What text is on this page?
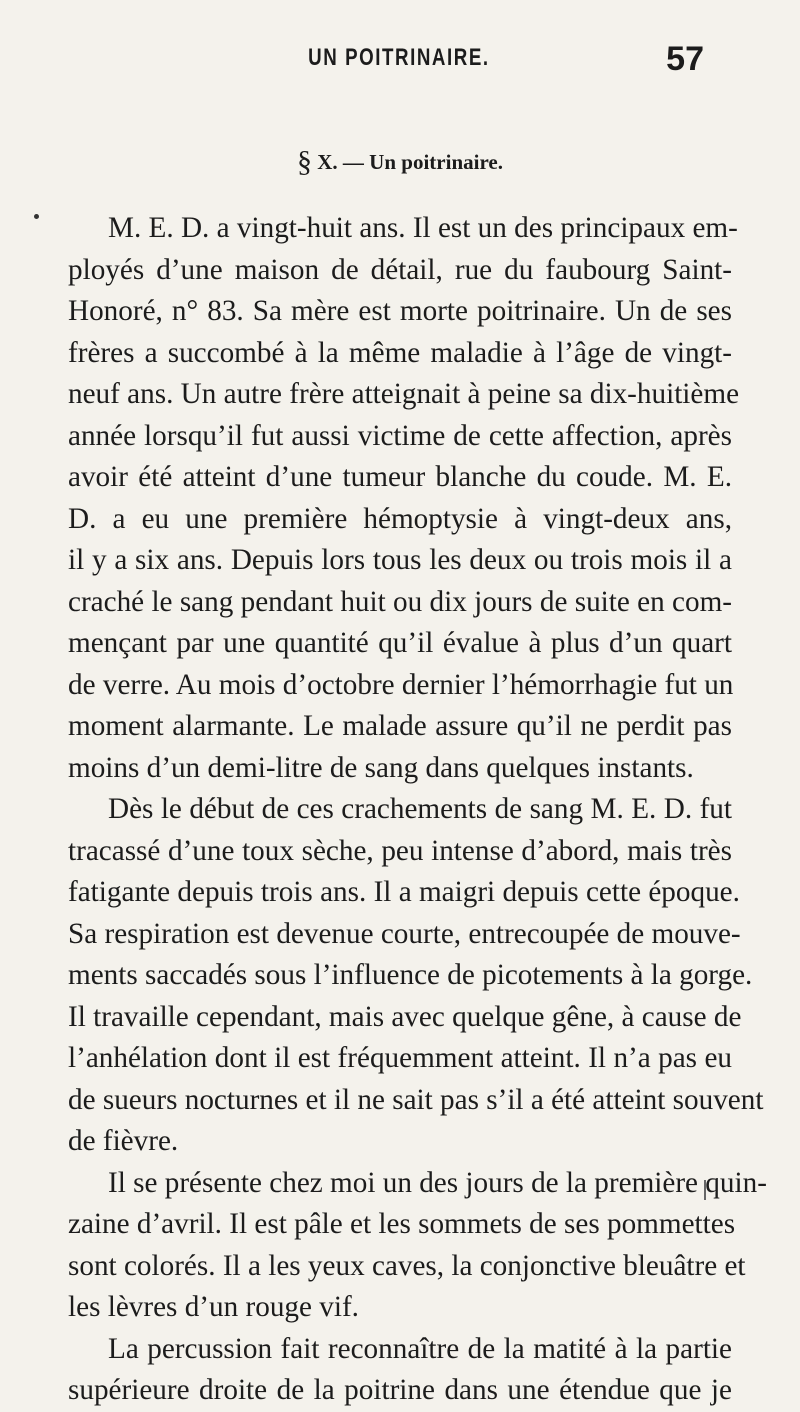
UN POITRINAIRE.	57
§ X. — Un poitrinaire.
M. E. D. a vingt-huit ans. Il est un des principaux em-
ployés d’une maison de détail, rue du faubourg Saint-
Honoré, n° 83. Sa mère est morte poitrinaire. Un de ses
frères a succombé à la même maladie à l’âge de vingt-
neuf ans. Un autre frère atteignait à peine sa dix-huitième
année lorsqu’il fut aussi victime de cette affection, après
avoir été atteint d’une tumeur blanche du coude. M. E.
D. a eu une première hémoptysie à vingt-deux ans,
il y a six ans. Depuis lors tous les deux ou trois mois il a
craché le sang pendant huit ou dix jours de suite en com-
mençant par une quantité qu’il évalue à plus d’un quart
de verre. Au mois d’octobre dernier l’hémorrhagie fut un
moment alarmante. Le malade assure qu’il ne perdit pas
moins d’un demi-litre de sang dans quelques instants.
Dès le début de ces crachements de sang M. E. D. fut
tracassé d’une toux sèche, peu intense d’abord, mais très
fatigante depuis trois ans. Il a maigri depuis cette époque.
Sa respiration est devenue courte, entrecoupée de mouve-
ments saccadés sous l’influence de picotements à la gorge.
Il travaille cependant, mais avec quelque gêne, à cause de
l’anhélation dont il est fréquemment atteint. Il n’a pas eu
de sueurs nocturnes et il ne sait pas s’il a été atteint souvent
de fièvre.
Il se présente chez moi un des jours de la première quin-
zaine d’avril. Il est pâle et les sommets de ses pommettes
sont colorés. Il a les yeux caves, la conjonctive bleuâtre et
les lèvres d’un rouge vif.
La percussion fait reconnaître de la matité à la partie
supérieure droite de la poitrine dans une étendue que je
